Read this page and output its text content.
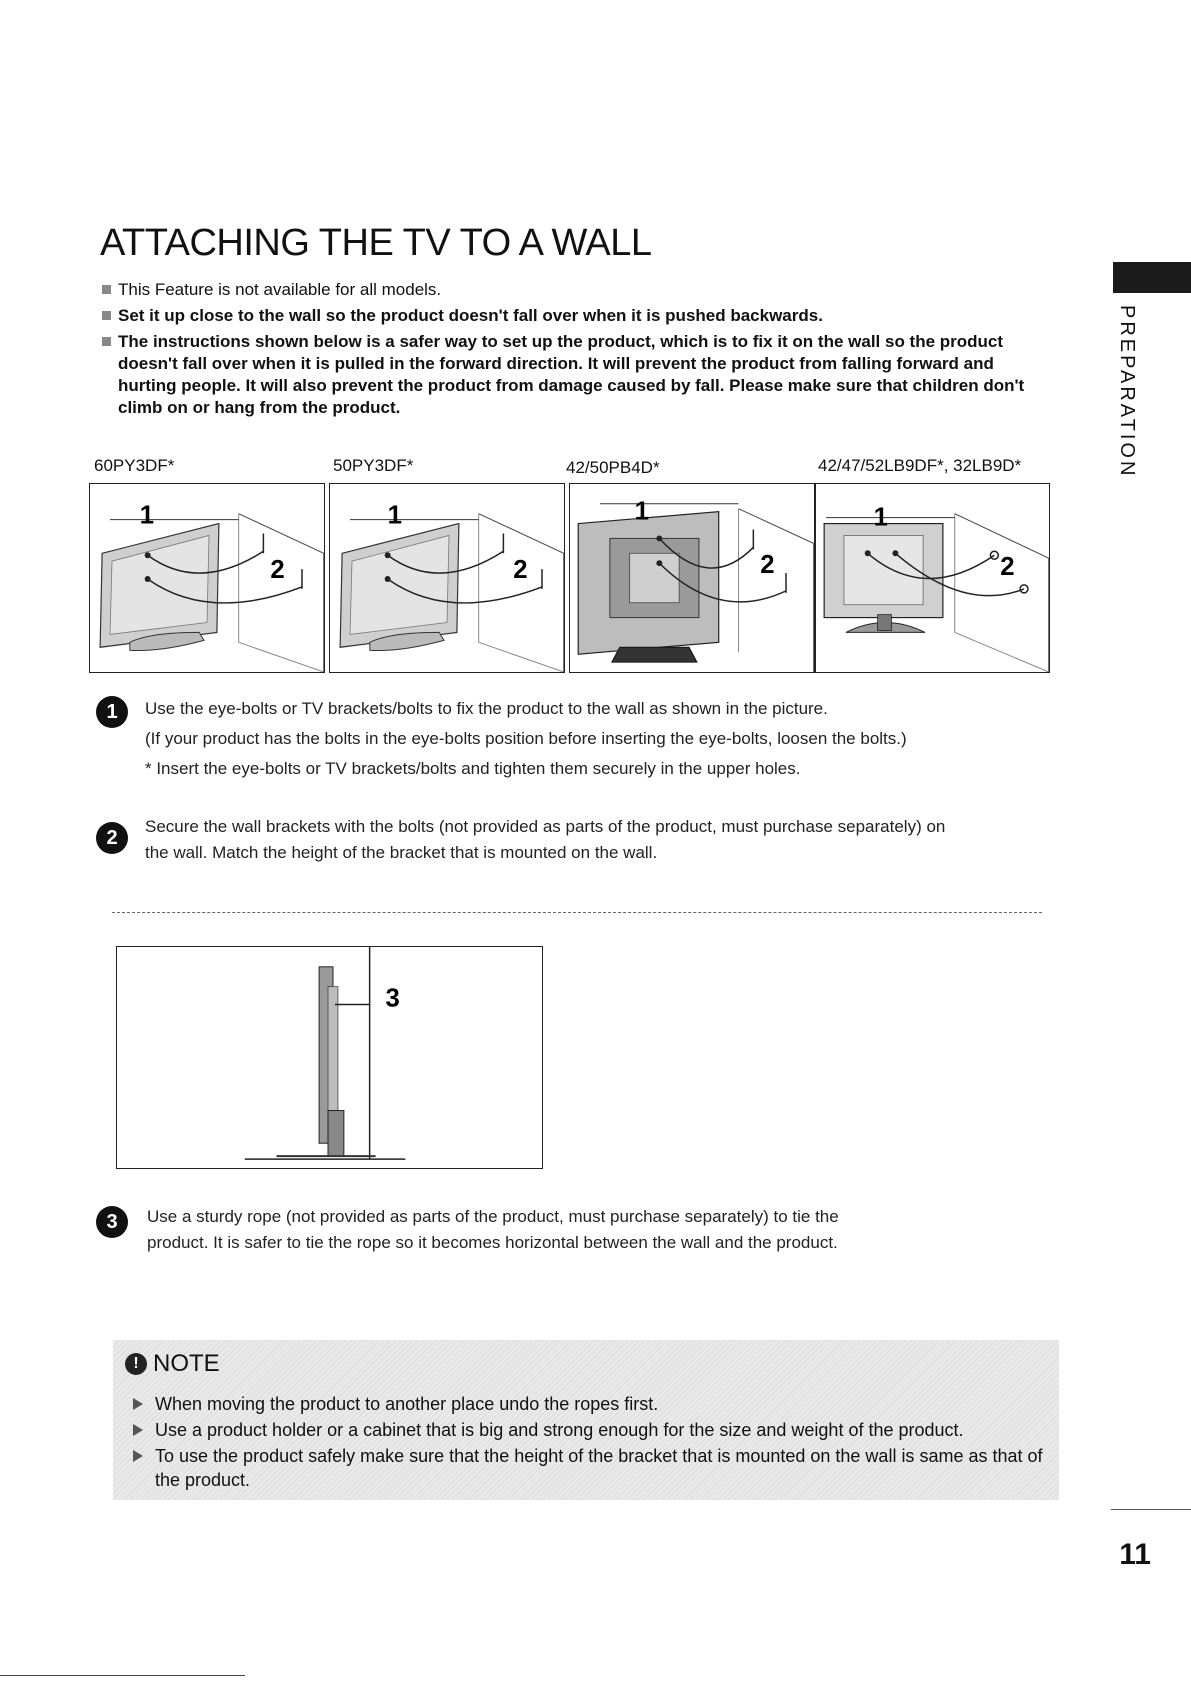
ATTACHING THE TV TO A WALL
This Feature is not available for all models.
Set it up close to the wall so the product doesn't fall over when it is pushed backwards.
The instructions shown below is a safer way to set up the product, which is to fix it on the wall so the product doesn't fall over when it is pulled in the forward direction. It will prevent the product from falling forward and hurting people. It will also prevent the product from damage caused by fall. Please make sure that children don't climb on or hang from the product.	PREPARATION
60PY3DF*	50PY3DF*	42/50PB4D*	42/47/52LB9DF*, 32LB9D*
1
2
1
2
1
2
1
2
1	Use the eye-bolts or TV brackets/bolts to fix the product to the wall as shown in the picture.
(If your product has the bolts in the eye-bolts position before inserting the eye-bolts, loosen the bolts.)
* Insert the eye-bolts or TV brackets/bolts and tighten them securely in the upper holes.
2
Secure the wall brackets with the bolts (not provided as parts of the product, must purchase separately) on
the wall. Match the height of the bracket that is mounted on the wall.
3
3	Use a sturdy rope (not provided as parts of the product, must purchase separately) to tie the
product. It is safer to tie the rope so it becomes horizontal between the wall and the product.
! NOTE
When moving the product to another place undo the ropes first.
Use a product holder or a cabinet that is big and strong enough for the size and weight of the product.
To use the product safely make sure that the height of the bracket that is mounted on the wall is same as that of the product.
11
